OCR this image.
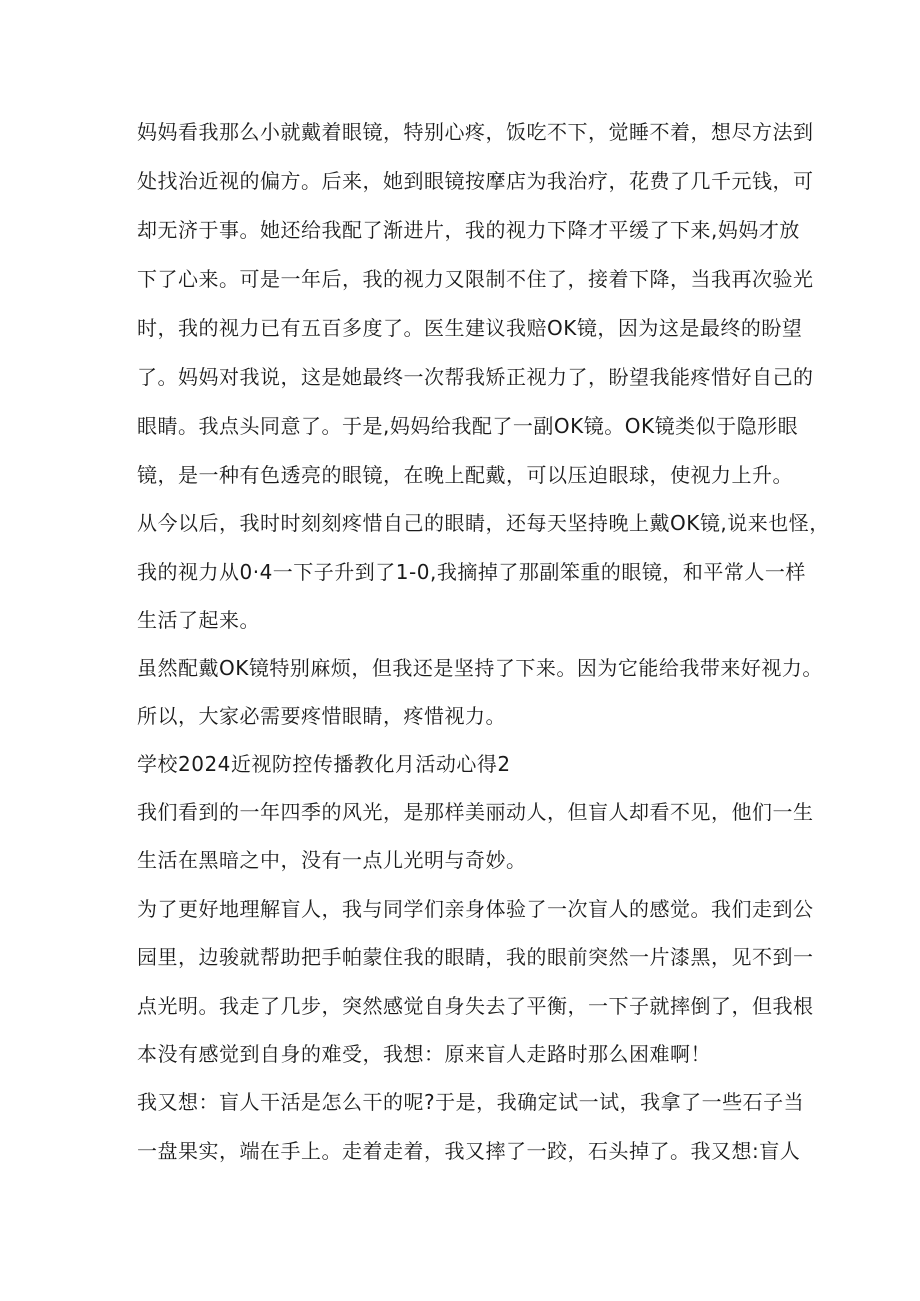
妈妈看我那么小就戴着眼镜，特别心疼，饭吃不下，觉睡不着，想尽方法到
处找治近视的偏方。后来，她到眼镜按摩店为我治疗，花费了几千元钱，可
却无济于事。她还给我配了渐进片，我的视力下降才平缓了下来,妈妈才放
下了心来。可是一年后，我的视力又限制不住了，接着下降，当我再次验光
时，我的视力已有五百多度了。医生建议我赔OK镜，因为这是最终的盼望
了。妈妈对我说，这是她最终一次帮我矫正视力了，盼望我能疼惜好自己的
眼睛。我点头同意了。于是,妈妈给我配了一副OK镜。OK镜类似于隐形眼
镜，是一种有色透亮的眼镜，在晚上配戴，可以压迫眼球，使视力上升。
从今以后，我时时刻刻疼惜自己的眼睛，还每天坚持晚上戴OK镜,说来也怪，
我的视力从0·4一下子升到了1-0,我摘掉了那副笨重的眼镜，和平常人一样
生活了起来。
虽然配戴OK镜特别麻烦，但我还是坚持了下来。因为它能给我带来好视力。
所以，大家必需要疼惜眼睛，疼惜视力。
学校2024近视防控传播教化月活动心得2
我们看到的一年四季的风光，是那样美丽动人，但盲人却看不见，他们一生
生活在黑暗之中，没有一点儿光明与奇妙。
为了更好地理解盲人，我与同学们亲身体验了一次盲人的感觉。我们走到公
园里，边骏就帮助把手帕蒙住我的眼睛，我的眼前突然一片漆黑，见不到一
点光明。我走了几步，突然感觉自身失去了平衡，一下子就摔倒了，但我根
本没有感觉到自身的难受，我想：原来盲人走路时那么困难啊！
我又想：盲人干活是怎么干的呢?于是，我确定试一试，我拿了一些石子当
一盘果实，端在手上。走着走着，我又摔了一跤，石头掉了。我又想:盲人
